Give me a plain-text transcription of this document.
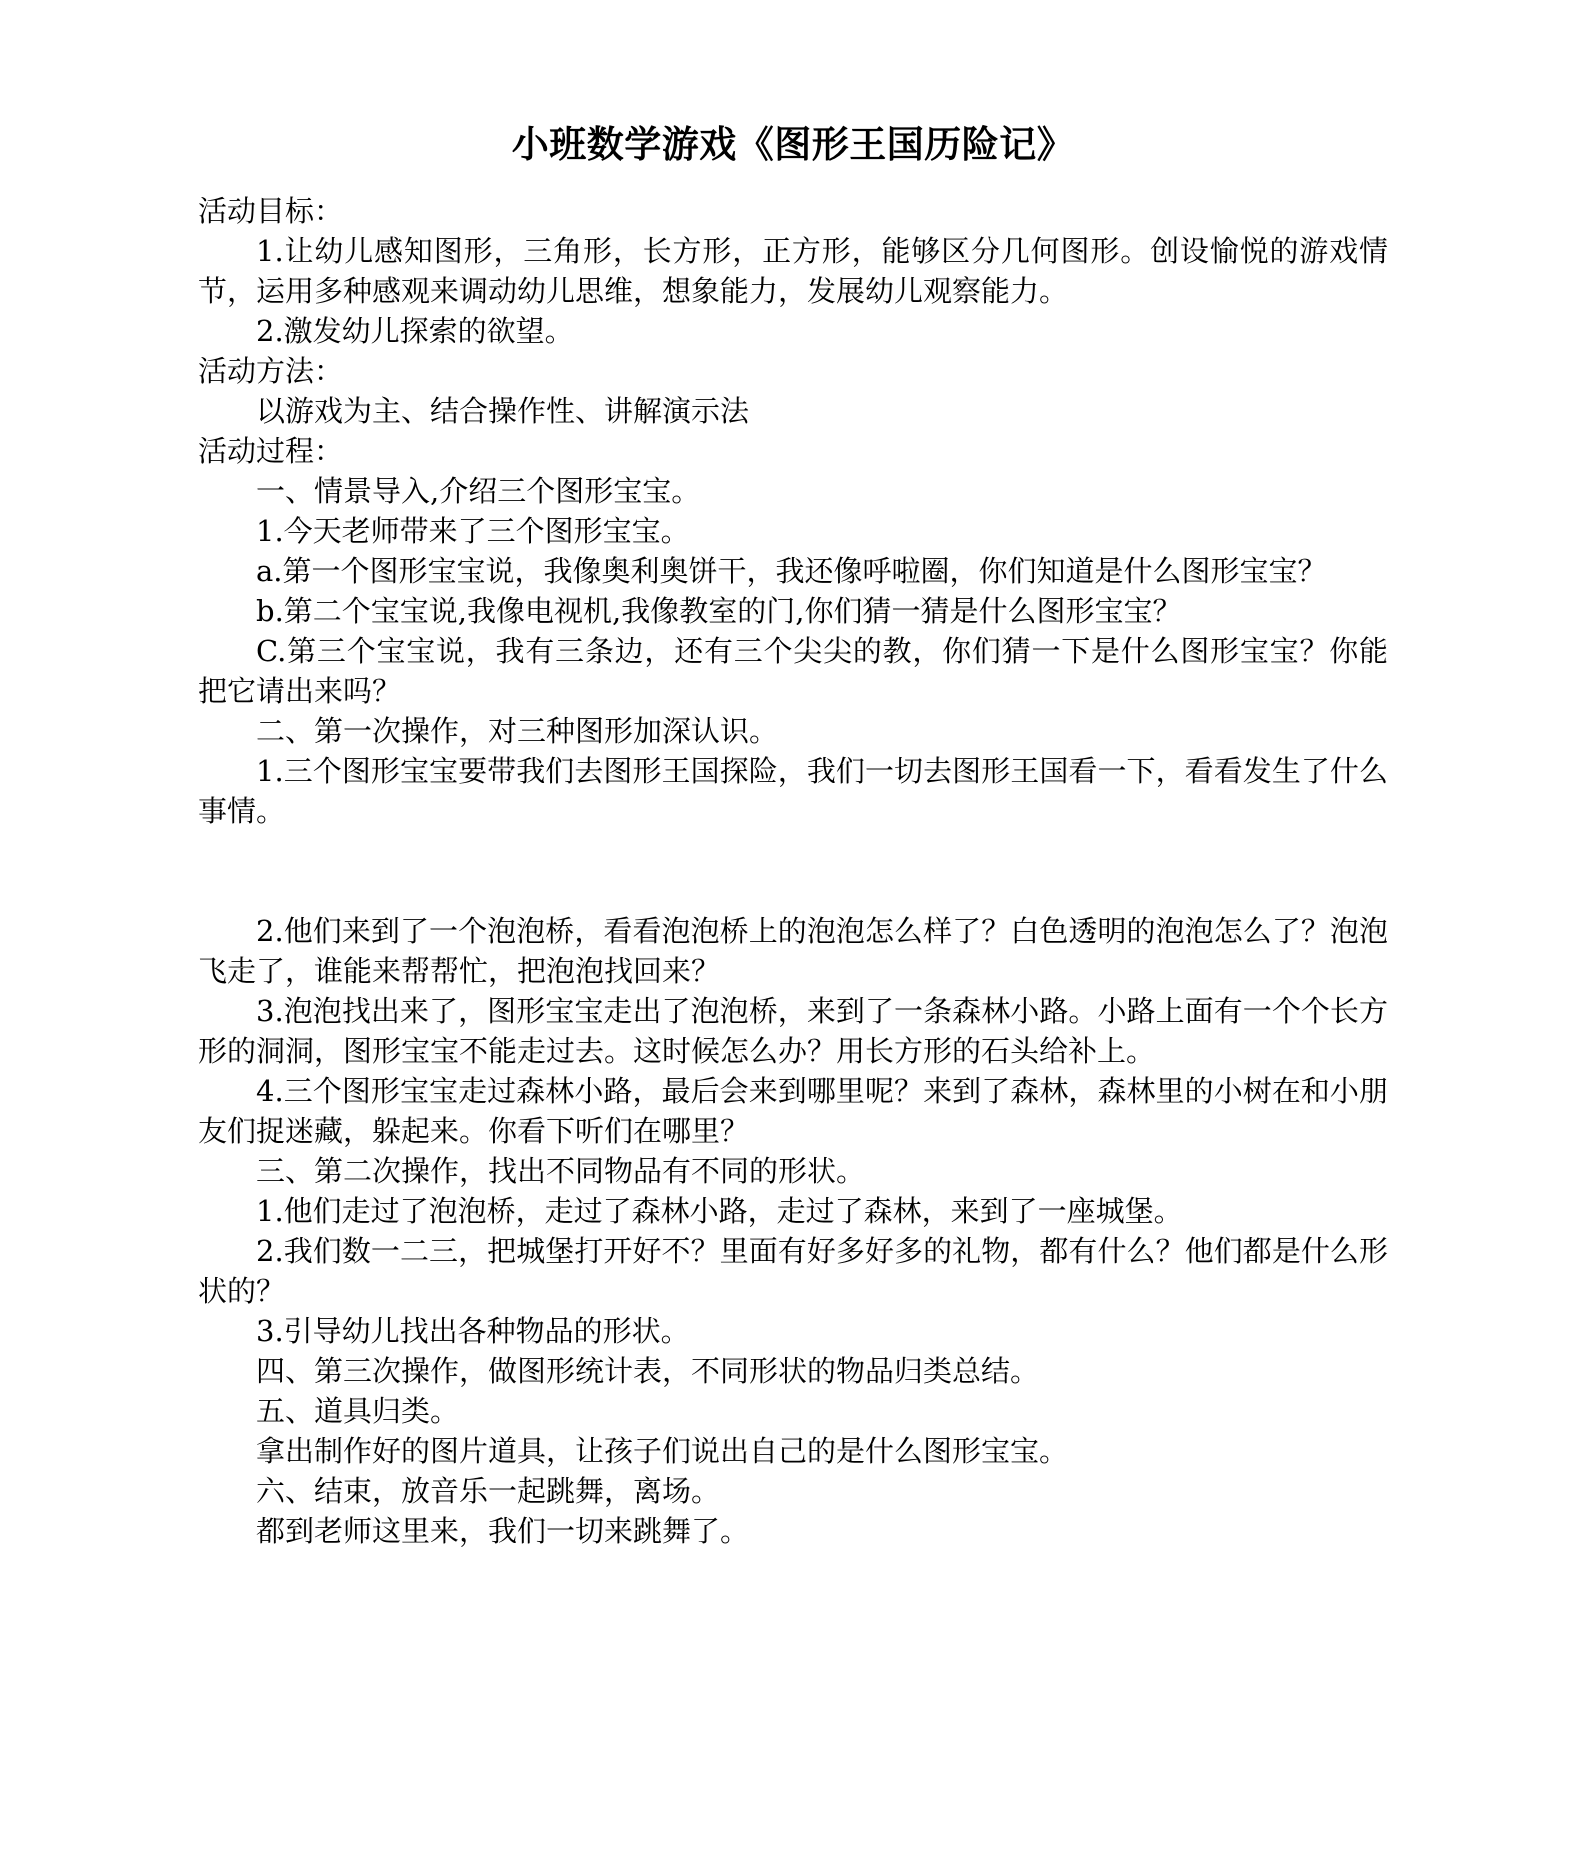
小班数学游戏《图形王国历险记》

活动目标：

1.让幼儿感知图形，三角形，长方形，正方形，能够区分几何图形。创设愉悦的游戏情节，运用多种感观来调动幼儿思维，想象能力，发展幼儿观察能力。

2.激发幼儿探索的欲望。

活动方法：

以游戏为主、结合操作性、讲解演示法

活动过程：

一、情景导入,介绍三个图形宝宝。

1.今天老师带来了三个图形宝宝。

a.第一个图形宝宝说，我像奥利奥饼干，我还像呼啦圈，你们知道是什么图形宝宝？

b.第二个宝宝说,我像电视机,我像教室的门,你们猜一猜是什么图形宝宝？

C.第三个宝宝说，我有三条边，还有三个尖尖的教，你们猜一下是什么图形宝宝？你能把它请出来吗？

二、第一次操作，对三种图形加深认识。

1.三个图形宝宝要带我们去图形王国探险，我们一切去图形王国看一下，看看发生了什么事情。

2.他们来到了一个泡泡桥，看看泡泡桥上的泡泡怎么样了？白色透明的泡泡怎么了？泡泡飞走了，谁能来帮帮忙，把泡泡找回来？

3.泡泡找出来了，图形宝宝走出了泡泡桥，来到了一条森林小路。小路上面有一个个长方形的洞洞，图形宝宝不能走过去。这时候怎么办？用长方形的石头给补上。

4.三个图形宝宝走过森林小路，最后会来到哪里呢？来到了森林，森林里的小树在和小朋友们捉迷藏，躲起来。你看下听们在哪里？

三、第二次操作，找出不同物品有不同的形状。

1.他们走过了泡泡桥，走过了森林小路，走过了森林，来到了一座城堡。

2.我们数一二三，把城堡打开好不？里面有好多好多的礼物，都有什么？他们都是什么形状的？

3.引导幼儿找出各种物品的形状。

四、第三次操作，做图形统计表，不同形状的物品归类总结。

五、道具归类。

拿出制作好的图片道具，让孩子们说出自己的是什么图形宝宝。

六、结束，放音乐一起跳舞，离场。

都到老师这里来，我们一切来跳舞了。
